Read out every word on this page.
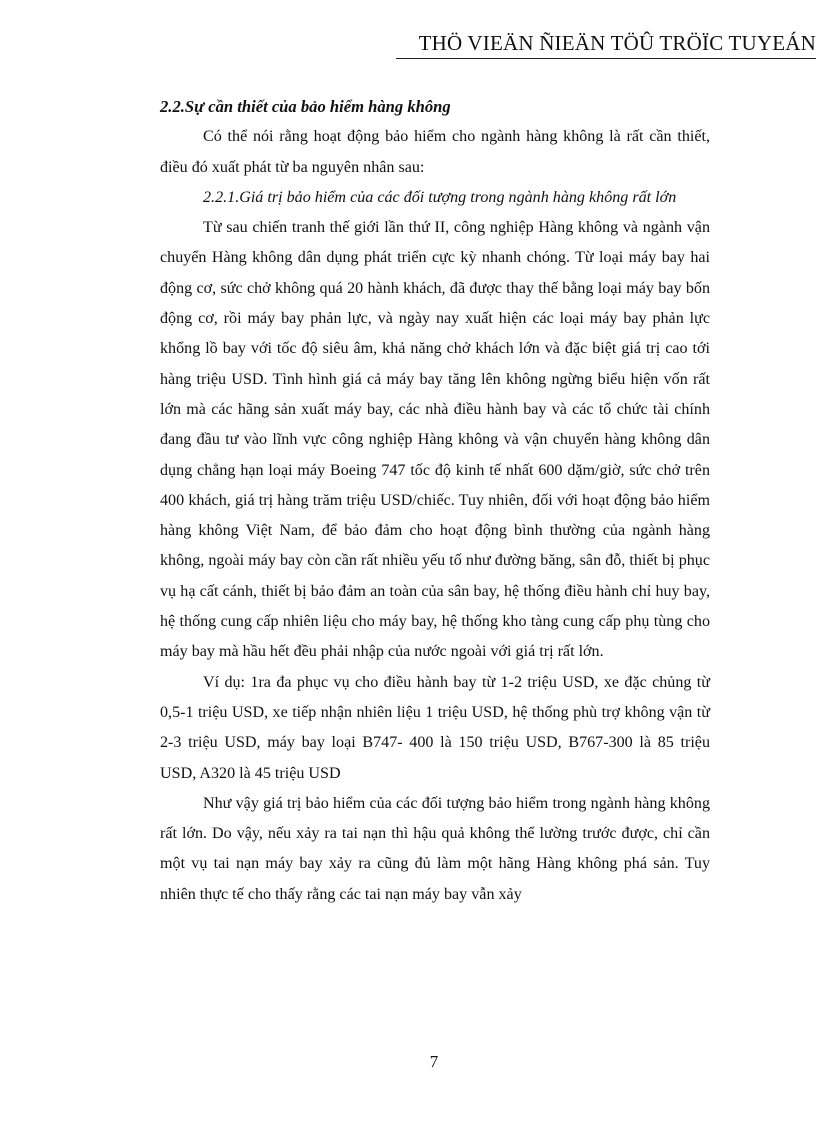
THÖ VIEÄN ÑIEÄN TÖÛ TRÖÏC TUYEÁN

2.2.Sự cần thiết của bảo hiểm hàng không

Có thể nói rằng hoạt động bảo hiểm cho ngành hàng không là rất cần thiết, điều đó xuất phát từ ba nguyên nhân sau:

2.2.1.Giá trị bảo hiểm của các đối tượng trong ngành hàng không rất lớn

Từ sau chiến tranh thế giới lần thứ II, công nghiệp Hàng không và ngành vận chuyển Hàng không dân dụng phát triển cực kỳ nhanh chóng. Từ loại máy bay hai động cơ, sức chở không quá 20 hành khách, đã được thay thế bằng loại máy bay bốn động cơ, rồi máy bay phản lực, và ngày nay xuất hiện các loại máy bay phản lực khổng lồ bay với tốc độ siêu âm, khả năng chở khách lớn và đặc biệt giá trị cao tới hàng triệu USD. Tình hình giá cả máy bay tăng lên không ngừng biểu hiện vốn rất lớn mà các hãng sản xuất máy bay, các nhà điều hành bay và các tổ chức tài chính đang đầu tư vào lĩnh vực công nghiệp Hàng không và vận chuyển hàng không dân dụng chẳng hạn loại máy Boeing 747 tốc độ kinh tế nhất 600 dặm/giờ, sức chở trên 400 khách, giá trị hàng trăm triệu USD/chiếc. Tuy nhiên, đối với hoạt động bảo hiểm hàng không Việt Nam, để bảo đảm cho hoạt động bình thường của ngành hàng không, ngoài máy bay còn cần rất nhiều yếu tố như đường băng, sân đỗ, thiết bị phục vụ hạ cất cánh, thiết bị bảo đảm an toàn của sân bay, hệ thống điều hành chỉ huy bay, hệ thống cung cấp nhiên liệu cho máy bay, hệ thống kho tàng cung cấp phụ tùng cho máy bay mà hầu hết đều phải nhập của nước ngoài với giá trị rất lớn.

Ví dụ: 1ra đa phục vụ cho điều hành bay từ 1-2 triệu USD, xe đặc chủng từ 0,5-1 triệu USD, xe tiếp nhận nhiên liệu 1 triệu USD, hệ thống phù trợ không vận từ 2-3 triệu USD, máy bay loại B747- 400 là 150 triệu USD, B767-300 là 85 triệu USD, A320 là 45 triệu USD

Như vậy giá trị bảo hiểm của các đối tượng bảo hiểm trong ngành hàng không rất lớn. Do vậy, nếu xảy ra tai nạn thì hậu quả không thể lường trước được, chỉ cần một vụ tai nạn máy bay xảy ra cũng đủ làm một hãng Hàng không phá sản. Tuy nhiên thực tế cho thấy rằng các tai nạn máy bay vẫn xảy

7
